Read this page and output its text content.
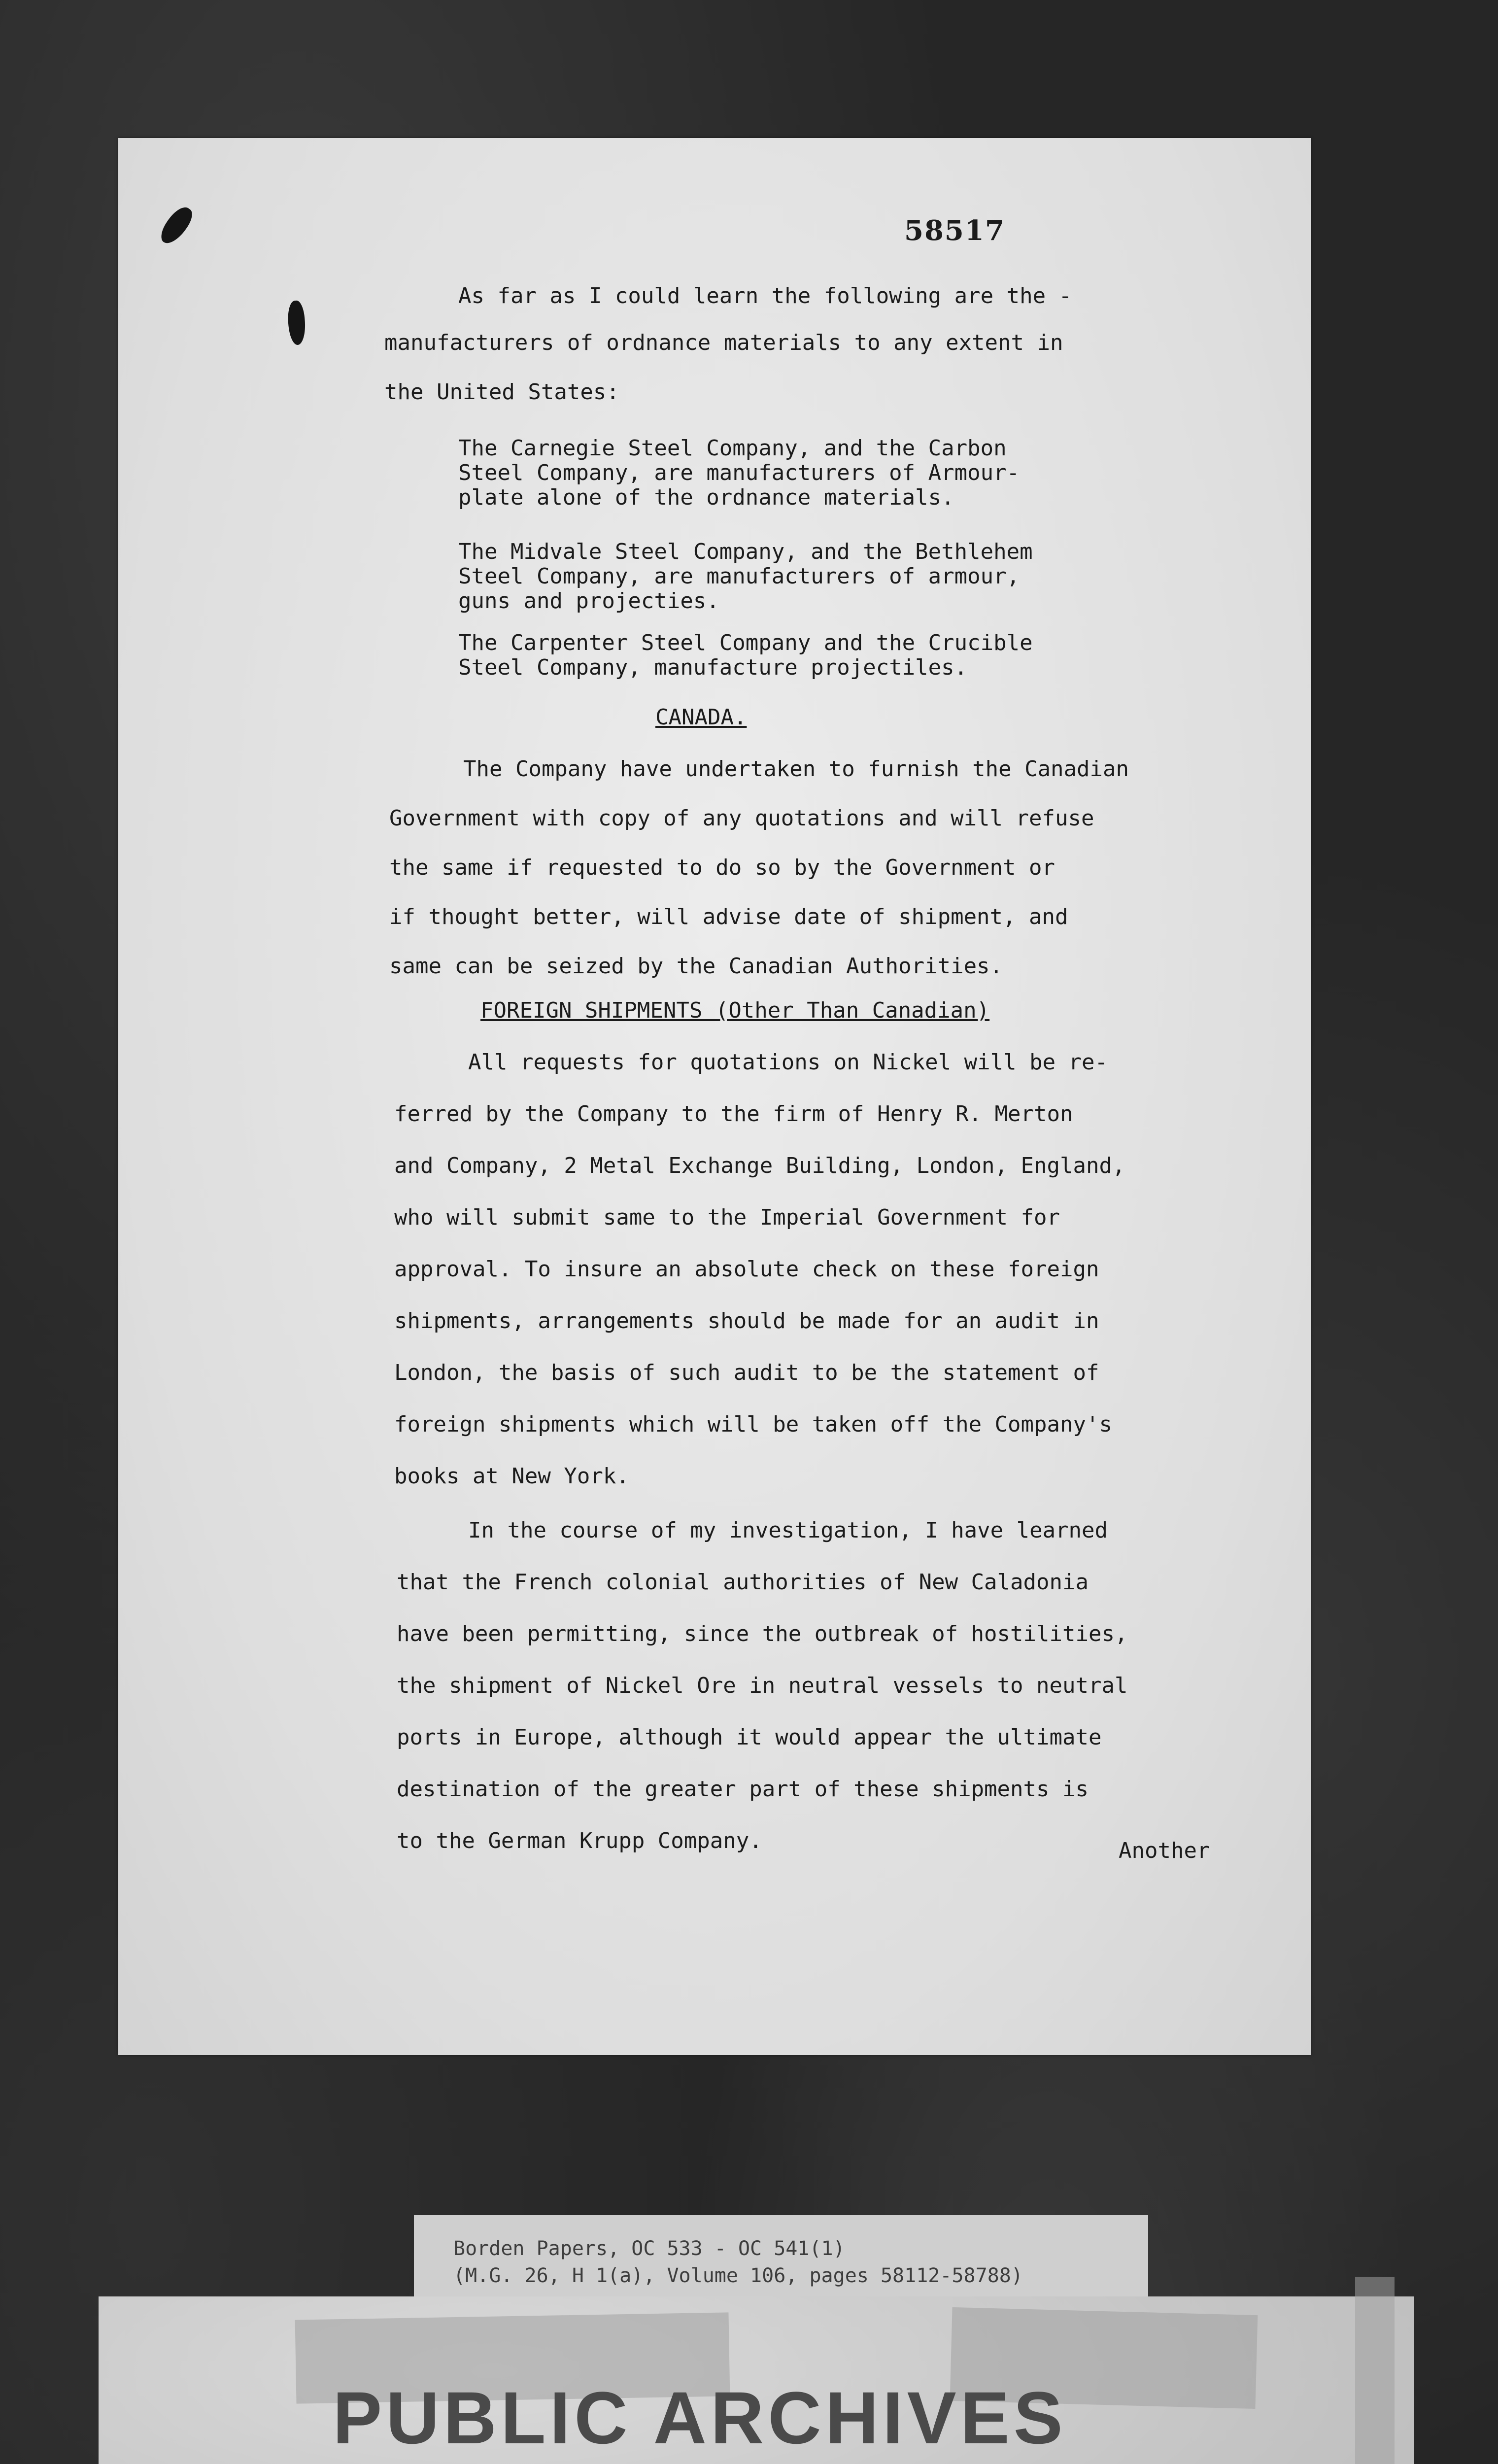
58517

As far as I could learn the following are the -

manufacturers of ordnance materials to any extent in

the United States:

The Carnegie Steel Company, and the Carbon
Steel Company, are manufacturers of Armour-
plate alone of the ordnance materials.

The Midvale Steel Company, and the Bethlehem
Steel Company, are manufacturers of armour,
guns and projecties.

The Carpenter Steel Company and the Crucible
Steel Company, manufacture projectiles.

CANADA.

The Company have undertaken to furnish the Canadian

Government with copy of any quotations and will refuse

the same if requested to do so by the Government or

if thought better, will advise date of shipment, and

same can be seized by the Canadian Authorities.

FOREIGN SHIPMENTS (Other Than Canadian)

All requests for quotations on Nickel will be re-

ferred by the Company to the firm of Henry R. Merton

and Company, 2 Metal Exchange Building, London, England,

who will submit same to the Imperial Government for

approval. To insure an absolute check on these foreign

shipments, arrangements should be made for an audit in

London, the basis of such audit to be the statement of

foreign shipments which will be taken off the Company's

books at New York.

In the course of my investigation, I have learned

that the French colonial authorities of New Caladonia

have been permitting, since the outbreak of hostilities,

the shipment of Nickel Ore in neutral vessels to neutral

ports in Europe, although it would appear the ultimate

destination of the greater part of these shipments is

to the German Krupp Company.	Another

Borden Papers, OC 533 - OC 541(1)
(M.G. 26, H 1(a), Volume 106, pages 58112-58788)
PUBLIC ARCHIVES
